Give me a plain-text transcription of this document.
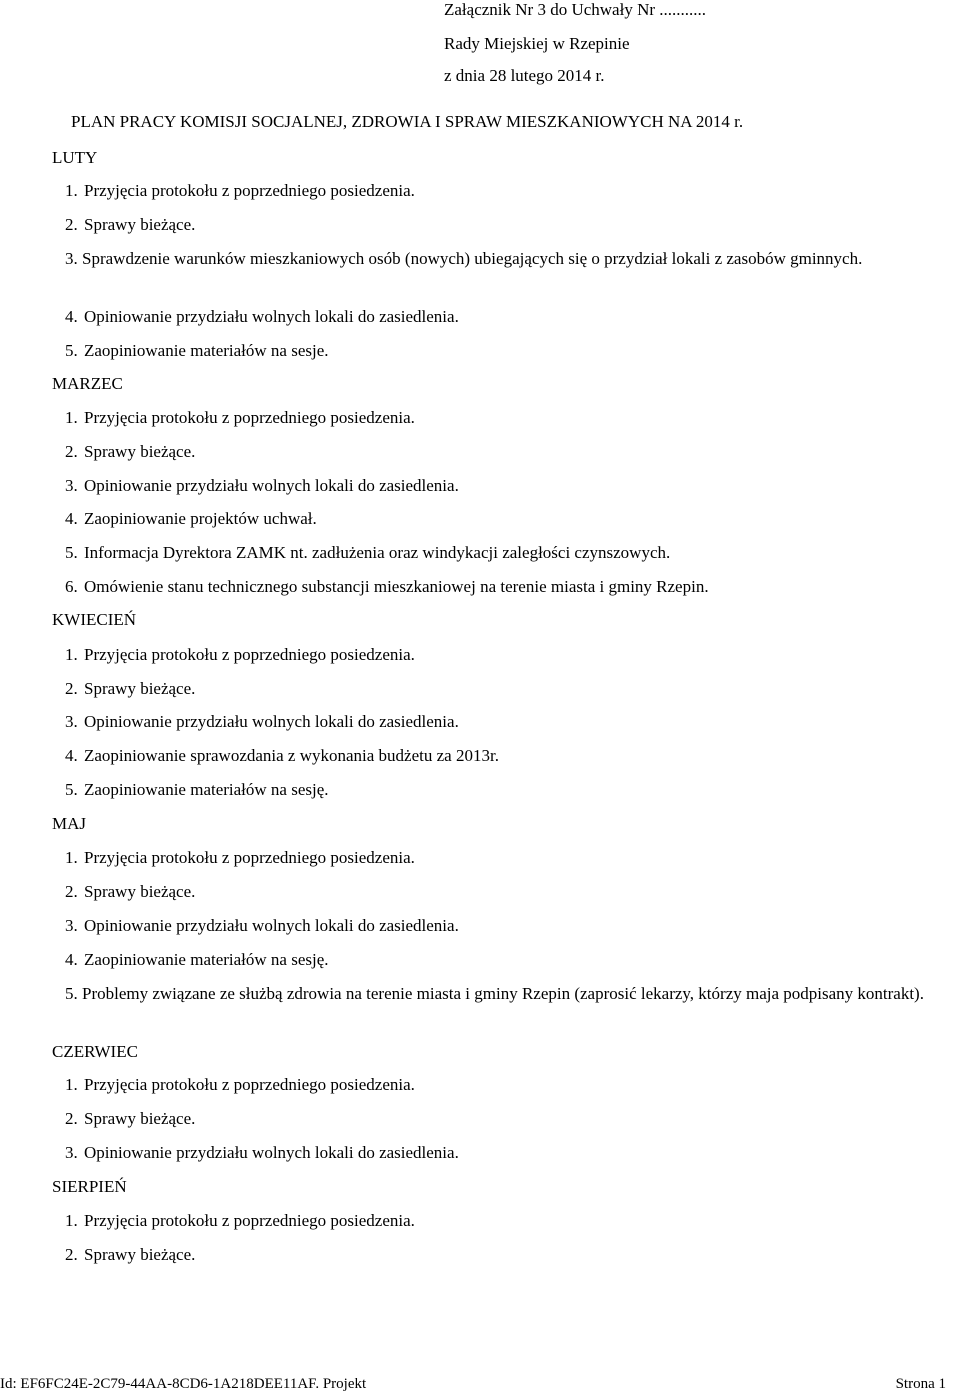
Załącznik Nr 3 do Uchwały Nr ...........
Rady Miejskiej w Rzepinie
z dnia 28 lutego 2014 r.
PLAN PRACY KOMISJI SOCJALNEJ, ZDROWIA I SPRAW MIESZKANIOWYCH NA 2014 r.
LUTY
1. Przyjęcia protokołu z poprzedniego posiedzenia.
2. Sprawy bieżące.
3. Sprawdzenie warunków mieszkaniowych osób (nowych) ubiegających się o przydział lokali z zasobów gminnych.
4. Opiniowanie przydziału wolnych lokali do zasiedlenia.
5. Zaopiniowanie materiałów na sesje.
MARZEC
1. Przyjęcia protokołu z poprzedniego posiedzenia.
2. Sprawy bieżące.
3. Opiniowanie przydziału wolnych lokali do zasiedlenia.
4. Zaopiniowanie projektów uchwał.
5. Informacja Dyrektora ZAMK nt. zadłużenia oraz windykacji zaległości czynszowych.
6. Omówienie stanu technicznego substancji mieszkaniowej na terenie miasta i gminy Rzepin.
KWIECIEŃ
1. Przyjęcia protokołu z poprzedniego posiedzenia.
2. Sprawy bieżące.
3. Opiniowanie przydziału wolnych lokali do zasiedlenia.
4. Zaopiniowanie sprawozdania z wykonania budżetu za 2013r.
5. Zaopiniowanie materiałów na sesję.
MAJ
1. Przyjęcia protokołu z poprzedniego posiedzenia.
2. Sprawy bieżące.
3. Opiniowanie przydziału wolnych lokali do zasiedlenia.
4. Zaopiniowanie materiałów na sesję.
5. Problemy związane ze służbą zdrowia na terenie miasta i gminy Rzepin (zaprosić lekarzy, którzy maja podpisany kontrakt).
CZERWIEC
1. Przyjęcia protokołu z poprzedniego posiedzenia.
2. Sprawy bieżące.
3. Opiniowanie przydziału wolnych lokali do zasiedlenia.
SIERPIEŃ
1. Przyjęcia protokołu z poprzedniego posiedzenia.
2. Sprawy bieżące.
Id: EF6FC24E-2C79-44AA-8CD6-1A218DEE11AF. Projekt	Strona 1
